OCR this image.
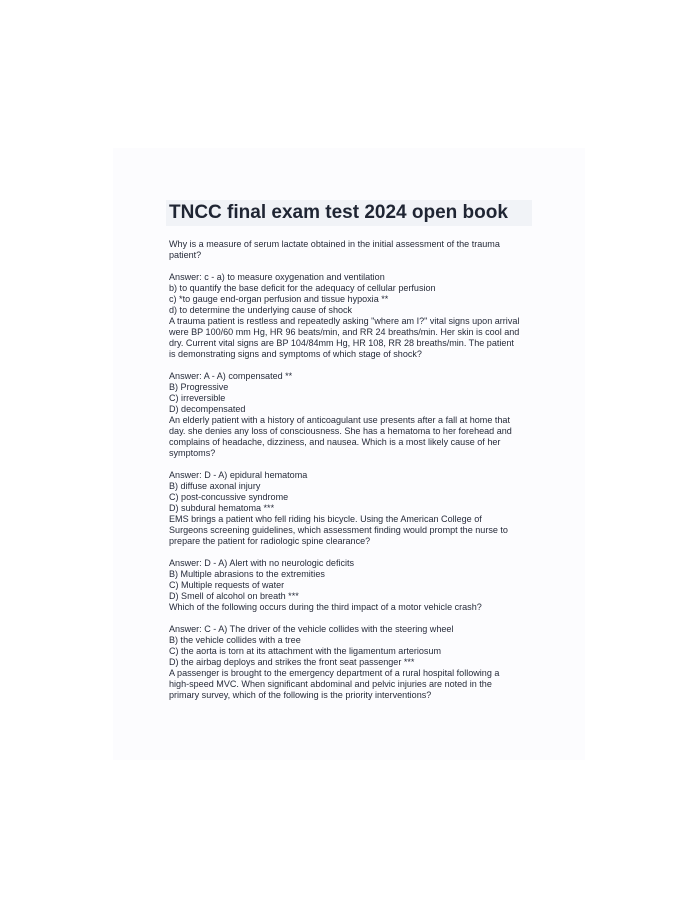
TNCC final exam test 2024 open book

Why is a measure of serum lactate obtained in the initial assessment of the trauma

patient?

Answer: c - a) to measure oxygenation and ventilation

b) to quantify the base deficit for the adequacy of cellular perfusion

c) *to gauge end-organ perfusion and tissue hypoxia **

d) to determine the underlying cause of shock

A trauma patient is restless and repeatedly asking "where am I?" vital signs upon arrival

were BP 100/60 mm Hg, HR 96 beats/min, and RR 24 breaths/min. Her skin is cool and

dry. Current vital signs are BP 104/84mm Hg, HR 108, RR 28 breaths/min. The patient

is demonstrating signs and symptoms of which stage of shock?

Answer: A - A) compensated **

B) Progressive

C) irreversible

D) decompensated

An elderly patient with a history of anticoagulant use presents after a fall at home that

day. she denies any loss of consciousness. She has a hematoma to her forehead and

complains of headache, dizziness, and nausea. Which is a most likely cause of her

symptoms?

Answer: D - A) epidural hematoma

B) diffuse axonal injury

C) post-concussive syndrome

D) subdural hematoma ***

EMS brings a patient who fell riding his bicycle. Using the American College of

Surgeons screening guidelines, which assessment finding would prompt the nurse to

prepare the patient for radiologic spine clearance?

Answer: D - A) Alert with no neurologic deficits

B) Multiple abrasions to the extremities

C) Multiple requests of water

D) Smell of alcohol on breath ***

Which of the following occurs during the third impact of a motor vehicle crash?

Answer: C - A) The driver of the vehicle collides with the steering wheel

B) the vehicle collides with a tree

C) the aorta is torn at its attachment with the ligamentum arteriosum

D) the airbag deploys and strikes the front seat passenger ***

A passenger is brought to the emergency department of a rural hospital following a

high-speed MVC. When significant abdominal and pelvic injuries are noted in the

primary survey, which of the following is the priority interventions?
